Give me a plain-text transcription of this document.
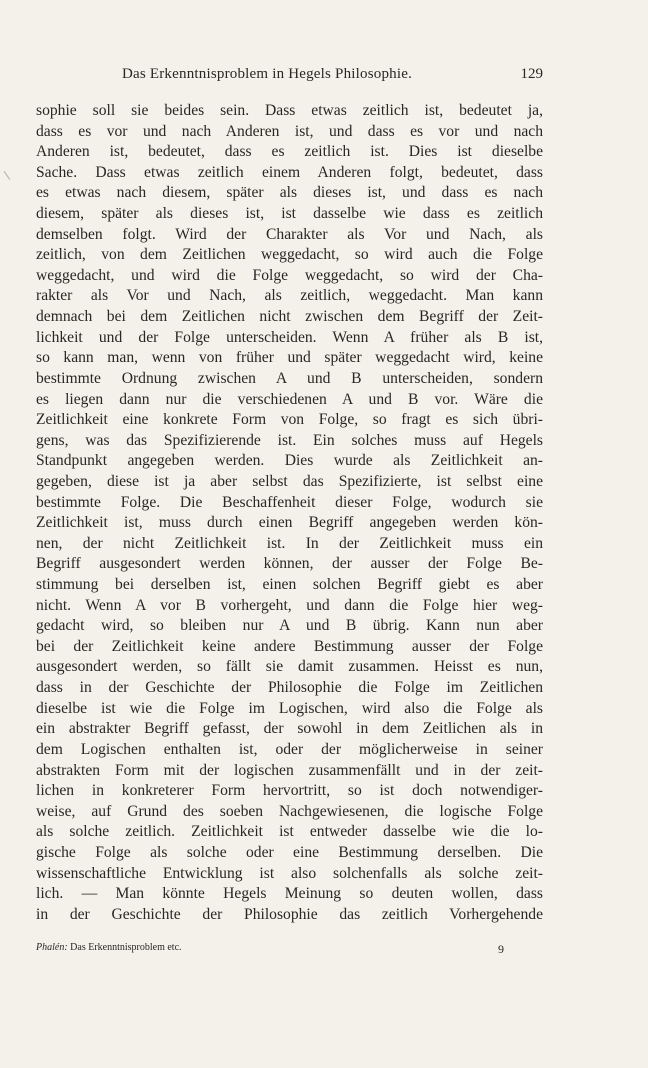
Das Erkenntnisproblem in Hegels Philosophie.	129
sophie soll sie beides sein. Dass etwas zeitlich ist, bedeutet ja,
dass es vor und nach Anderen ist, und dass es vor und nach
Anderen ist, bedeutet, dass es zeitlich ist. Dies ist dieselbe
Sache. Dass etwas zeitlich einem Anderen folgt, bedeutet, dass
es etwas nach diesem, später als dieses ist, und dass es nach
diesem, später als dieses ist, ist dasselbe wie dass es zeitlich
demselben folgt. Wird der Charakter als Vor und Nach, als
zeitlich, von dem Zeitlichen weggedacht, so wird auch die Folge
weggedacht, und wird die Folge weggedacht, so wird der Cha-
rakter als Vor und Nach, als zeitlich, weggedacht. Man kann
demnach bei dem Zeitlichen nicht zwischen dem Begriff der Zeit-
lichkeit und der Folge unterscheiden. Wenn A früher als B ist,
so kann man, wenn von früher und später weggedacht wird, keine
bestimmte Ordnung zwischen A und B unterscheiden, sondern
es liegen dann nur die verschiedenen A und B vor. Wäre die
Zeitlichkeit eine konkrete Form von Folge, so fragt es sich übri-
gens, was das Spezifizierende ist. Ein solches muss auf Hegels
Standpunkt angegeben werden. Dies wurde als Zeitlichkeit an-
gegeben, diese ist ja aber selbst das Spezifizierte, ist selbst eine
bestimmte Folge. Die Beschaffenheit dieser Folge, wodurch sie
Zeitlichkeit ist, muss durch einen Begriff angegeben werden kön-
nen, der nicht Zeitlichkeit ist. In der Zeitlichkeit muss ein
Begriff ausgesondert werden können, der ausser der Folge Be-
stimmung bei derselben ist, einen solchen Begriff giebt es aber
nicht. Wenn A vor B vorhergeht, und dann die Folge hier weg-
gedacht wird, so bleiben nur A und B übrig. Kann nun aber
bei der Zeitlichkeit keine andere Bestimmung ausser der Folge
ausgesondert werden, so fällt sie damit zusammen. Heisst es nun,
dass in der Geschichte der Philosophie die Folge im Zeitlichen
dieselbe ist wie die Folge im Logischen, wird also die Folge als
ein abstrakter Begriff gefasst, der sowohl in dem Zeitlichen als in
dem Logischen enthalten ist, oder der möglicherweise in seiner
abstrakten Form mit der logischen zusammenfällt und in der zeit-
lichen in konkreterer Form hervortritt, so ist doch notwendiger-
weise, auf Grund des soeben Nachgewiesenen, die logische Folge
als solche zeitlich. Zeitlichkeit ist entweder dasselbe wie die lo-
gische Folge als solche oder eine Bestimmung derselben. Die
wissenschaftliche Entwicklung ist also solchenfalls als solche zeit-
lich. — Man könnte Hegels Meinung so deuten wollen, dass
in der Geschichte der Philosophie das zeitlich Vorhergehende
Phalén: Das Erkenntnisproblem etc.	9
